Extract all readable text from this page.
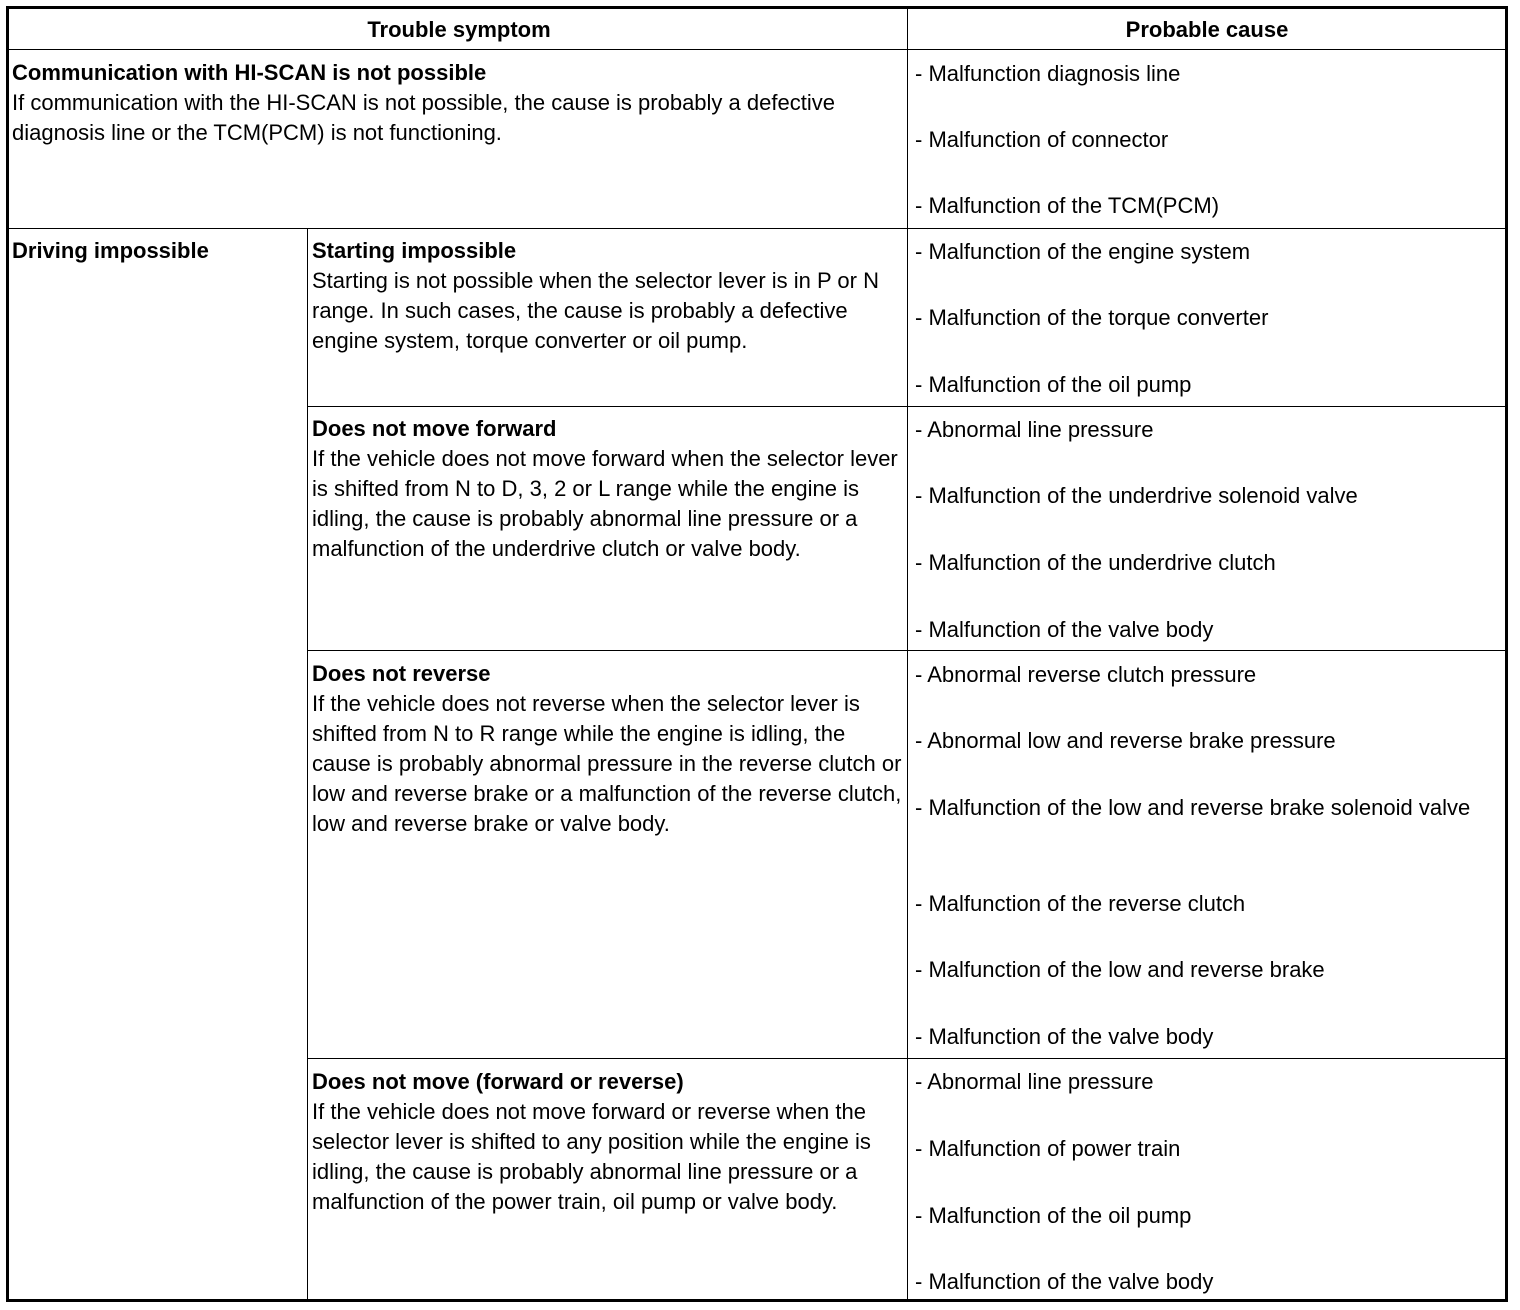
Trouble symptom	Probable cause
Communication with HI-SCAN is not possible
If communication with the HI-SCAN is not possible, the cause is probably a defective diagnosis line or the TCM(PCM) is not functioning.
- Malfunction diagnosis line
- Malfunction of connector
- Malfunction of the TCM(PCM)
Driving impossible	Starting impossible
Starting is not possible when the selector lever is in P or N range. In such cases, the cause is probably a defective engine system, torque converter or oil pump.
- Malfunction of the engine system
- Malfunction of the torque converter
- Malfunction of the oil pump
Does not move forward
If the vehicle does not move forward when the selector lever is shifted from N to D, 3, 2 or L range while the engine is idling, the cause is probably abnormal line pressure or a malfunction of the underdrive clutch or valve body.
- Abnormal line pressure
- Malfunction of the underdrive solenoid valve
- Malfunction of the underdrive clutch
- Malfunction of the valve body
Does not reverse
If the vehicle does not reverse when the selector lever is shifted from N to R range while the engine is idling, the cause is probably abnormal pressure in the reverse clutch or low and reverse brake or a malfunction of the reverse clutch, low and reverse brake or valve body.
- Abnormal reverse clutch pressure
- Abnormal low and reverse brake pressure
- Malfunction of the low and reverse brake solenoid valve
- Malfunction of the reverse clutch
- Malfunction of the low and reverse brake
- Malfunction of the valve body
Does not move (forward or reverse)
If the vehicle does not move forward or reverse when the selector lever is shifted to any position while the engine is idling, the cause is probably abnormal line pressure or a malfunction of the power train, oil pump or valve body.
- Abnormal line pressure
- Malfunction of power train
- Malfunction of the oil pump
- Malfunction of the valve body
